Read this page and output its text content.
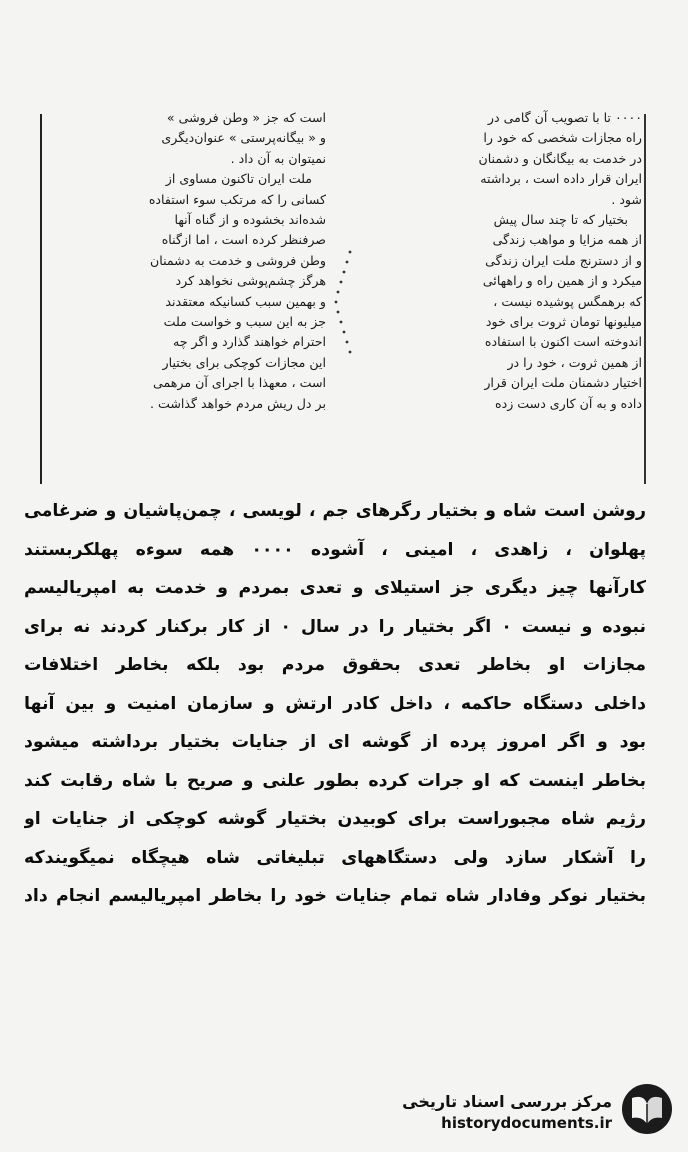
۰۰۰۰ تا با تصویب آن گامی در

راه مجازات شخصی که خود را

در خدمت به بیگانگان و دشمنان

ایران قرار داده است ، برداشته

شود .

بختیار که تا چند سال پیش

از همه مزایا و مواهب زندگی

و از دسترنج ملت ایران زندگی

میکرد و از همین راه و راههائی

که برهمگس پوشیده نیست ،

میلیونها تومان ثروت برای خود

اندوخته است اکنون با استفاده

از همین ثروت ، خود را در

اختیار دشمنان ملت ایران قرار

داده و به آن کاری دست زده

است که جز « وطن فروشی »

و « بیگانه‌پرستی » عنوان‌دیگری

نمیتوان به آن داد .

ملت ایران تاکنون مساوی از

کسانی را که مرتکب سوء استفاده

شده‌اند بخشوده و از گناه آنها

صرفنظر کرده است ، اما ازگناه

وطن فروشی و خدمت به دشمنان

هرگز چشم‌پوشی نخواهد کرد

و بهمین سبب کسانیکه معتقدند

جز به این سبب و خواست ملت

احترام خواهند گذارد و اگر چه

این مجازات کوچکی برای بختیار

است ، معهذا با اجرای آن مرهمی

بر دل ریش مردم خواهد گذاشت .

روشن است شاه و بختیار رگرهای جم ، لویسی ، چمن‌پاشیان و ضرغامی
پهلوان ، زاهدی ، امینی ، آشوده ۰۰۰۰ همه سوءه پهلکربستند
کارآنها چیز دیگری جز استیلای و تعدی بمردم و خدمت به امپریالیسم
نبوده و نیست ۰ اگر بختیار را در سال ۰ از کار برکنار کردند نه برای
مجازات او بخاطر تعدی بحقوق مردم بود بلکه بخاطر اختلافات
داخلی دستگاه حاکمه ، داخل کادر ارتش و سازمان امنیت و بین آنها
بود و اگر امروز پرده از گوشه ای از جنایات بختیار برداشته میشود
بخاطر اینست که او جرات کرده بطور علنی و صریح با شاه رقابت کند
رژیم شاه مجبوراست برای کوبیدن بختیار گوشه کوچکی از جنایات او
را آشکار سازد ولی دستگاههای تبلیغاتی شاه هیچگاه نمیگویندکه
بختیار نوکر وفادار شاه تمام جنایات خود را بخاطر امپریالیسم انجام داد
مرکز بررسی اسناد تاریخی
historydocuments.ir
